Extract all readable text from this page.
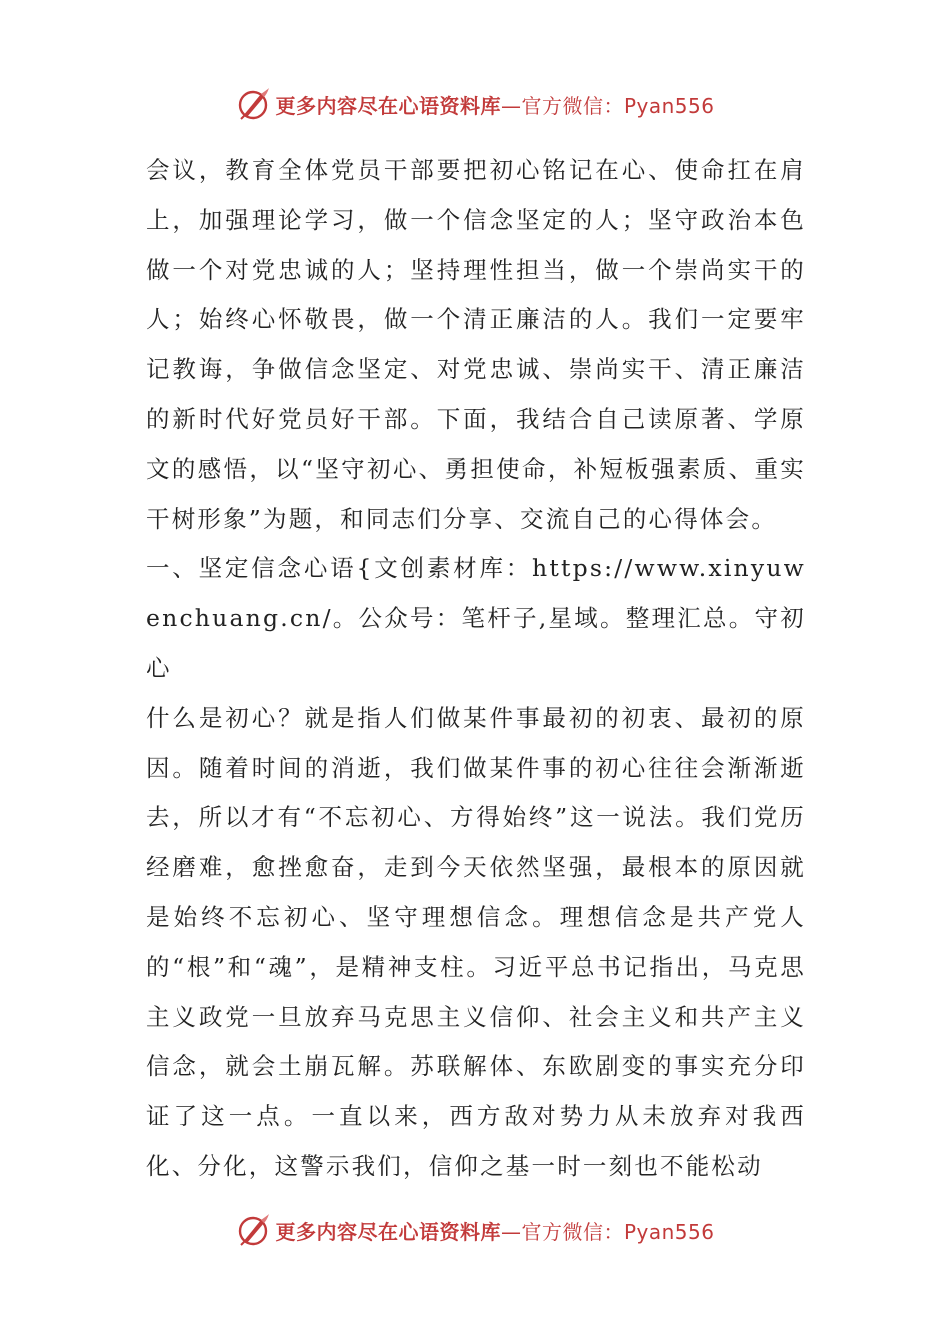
更多内容尽在心语资料库—官方微信：Pyan556

会议，教育全体党员干部要把初心铭记在心、使命扛在肩上，加强理论学习，做一个信念坚定的人；坚守政治本色做一个对党忠诚的人；坚持理性担当，做一个崇尚实干的人；始终心怀敬畏，做一个清正廉洁的人。我们一定要牢记教诲，争做信念坚定、对党忠诚、崇尚实干、清正廉洁的新时代好党员好干部。下面，我结合自己读原著、学原文的感悟，以“坚守初心、勇担使命，补短板强素质、重实干树形象”为题，和同志们分享、交流自己的心得体会。

一、坚定信念心语{文创素材库：https://www.xinyuwenchuang.cn/。公众号：笔杆子,星域。整理汇总。守初心

什么是初心？就是指人们做某件事最初的初衷、最初的原因。随着时间的消逝，我们做某件事的初心往往会渐渐逝去，所以才有“不忘初心、方得始终”这一说法。我们党历经磨难，愈挫愈奋，走到今天依然坚强，最根本的原因就是始终不忘初心、坚守理想信念。理想信念是共产党人的“根”和“魂”，是精神支柱。习近平总书记指出，马克思主义政党一旦放弃马克思主义信仰、社会主义和共产主义信念，就会土崩瓦解。苏联解体、东欧剧变的事实充分印证了这一点。一直以来，西方敌对势力从未放弃对我西化、分化，这警示我们，信仰之基一时一刻也不能松动

更多内容尽在心语资料库—官方微信：Pyan556
